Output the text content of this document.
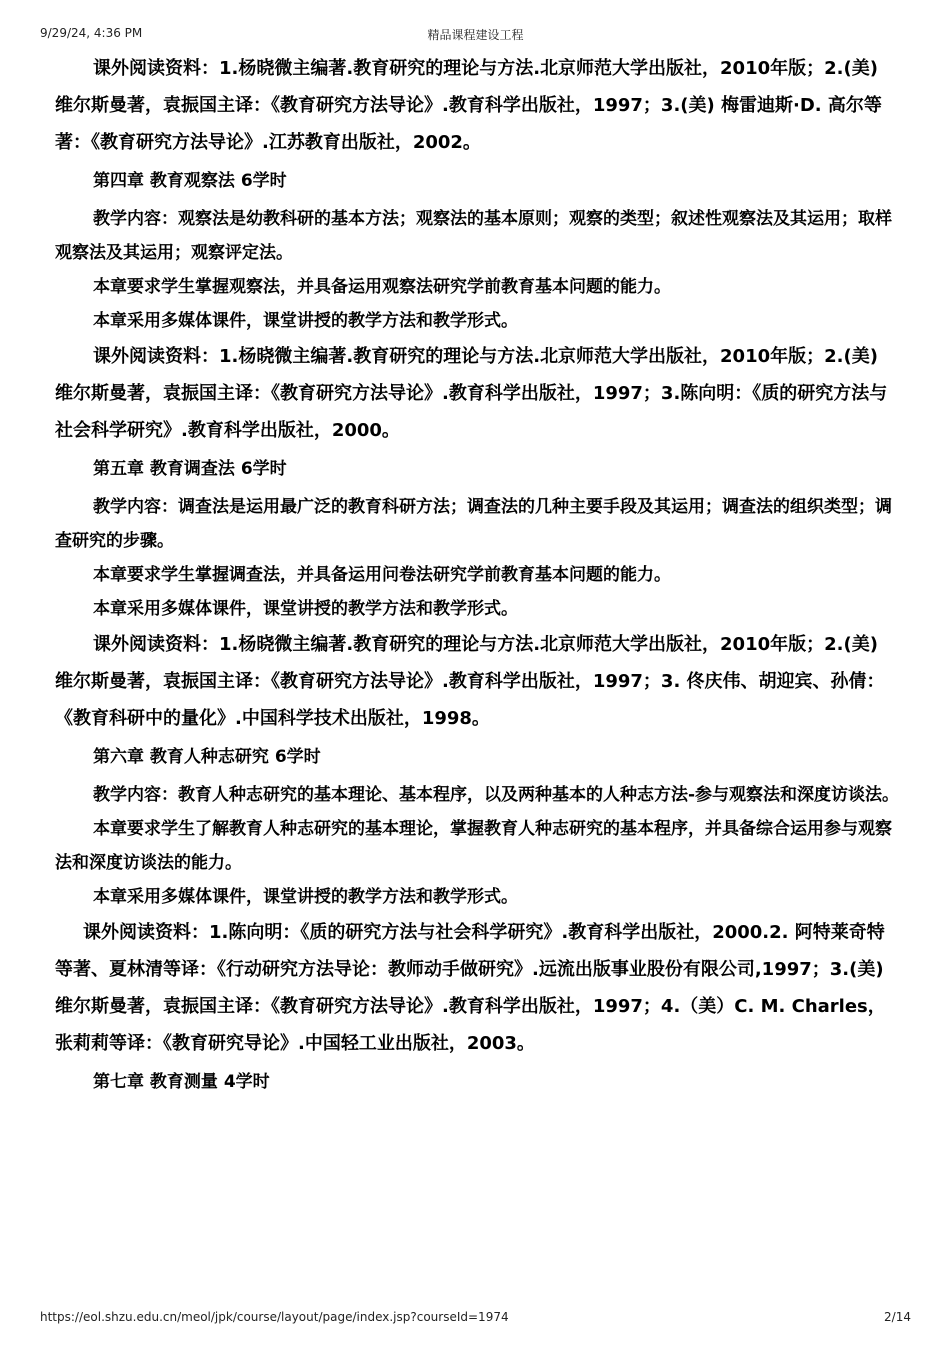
9/29/24, 4:36 PM	精品课程建设工程

课外阅读资料：1.杨晓微主编著.教育研究的理论与方法.北京师范大学出版社，2010年版；2.(美) 维尔斯曼著，袁振国主译：《教育研究方法导论》.教育科学出版社，1997；3.(美) 梅雷迪斯·D. 高尔等著：《教育研究方法导论》.江苏教育出版社，2002。

第四章 教育观察法 6学时

教学内容：观察法是幼教科研的基本方法；观察法的基本原则；观察的类型；叙述性观察法及其运用；取样观察法及其运用；观察评定法。

本章要求学生掌握观察法，并具备运用观察法研究学前教育基本问题的能力。

本章采用多媒体课件，课堂讲授的教学方法和教学形式。

课外阅读资料：1.杨晓微主编著.教育研究的理论与方法.北京师范大学出版社，2010年版；2.(美) 维尔斯曼著，袁振国主译：《教育研究方法导论》.教育科学出版社，1997；3.陈向明：《质的研究方法与社会科学研究》.教育科学出版社，2000。

第五章 教育调查法 6学时

教学内容：调查法是运用最广泛的教育科研方法；调查法的几种主要手段及其运用；调查法的组织类型；调查研究的步骤。

本章要求学生掌握调查法，并具备运用问卷法研究学前教育基本问题的能力。

本章采用多媒体课件，课堂讲授的教学方法和教学形式。

课外阅读资料：1.杨晓微主编著.教育研究的理论与方法.北京师范大学出版社，2010年版；2.(美) 维尔斯曼著，袁振国主译：《教育研究方法导论》.教育科学出版社，1997；3. 佟庆伟、胡迎宾、孙倩：《教育科研中的量化》.中国科学技术出版社，1998。

第六章 教育人种志研究 6学时

教学内容：教育人种志研究的基本理论、基本程序，以及两种基本的人种志方法-参与观察法和深度访谈法。

本章要求学生了解教育人种志研究的基本理论，掌握教育人种志研究的基本程序，并具备综合运用参与观察法和深度访谈法的能力。

本章采用多媒体课件，课堂讲授的教学方法和教学形式。

课外阅读资料：1.陈向明：《质的研究方法与社会科学研究》.教育科学出版社，2000.2. 阿特莱奇特等著、夏林清等译：《行动研究方法导论：教师动手做研究》.远流出版事业股份有限公司,1997；3.(美) 维尔斯曼著，袁振国主译：《教育研究方法导论》.教育科学出版社，1997；4.（美）C. M. Charles，张莉莉等译：《教育研究导论》.中国轻工业出版社，2003。

第七章 教育测量 4学时

https://eol.shzu.edu.cn/meol/jpk/course/layout/page/index.jsp?courseId=1974	2/14
